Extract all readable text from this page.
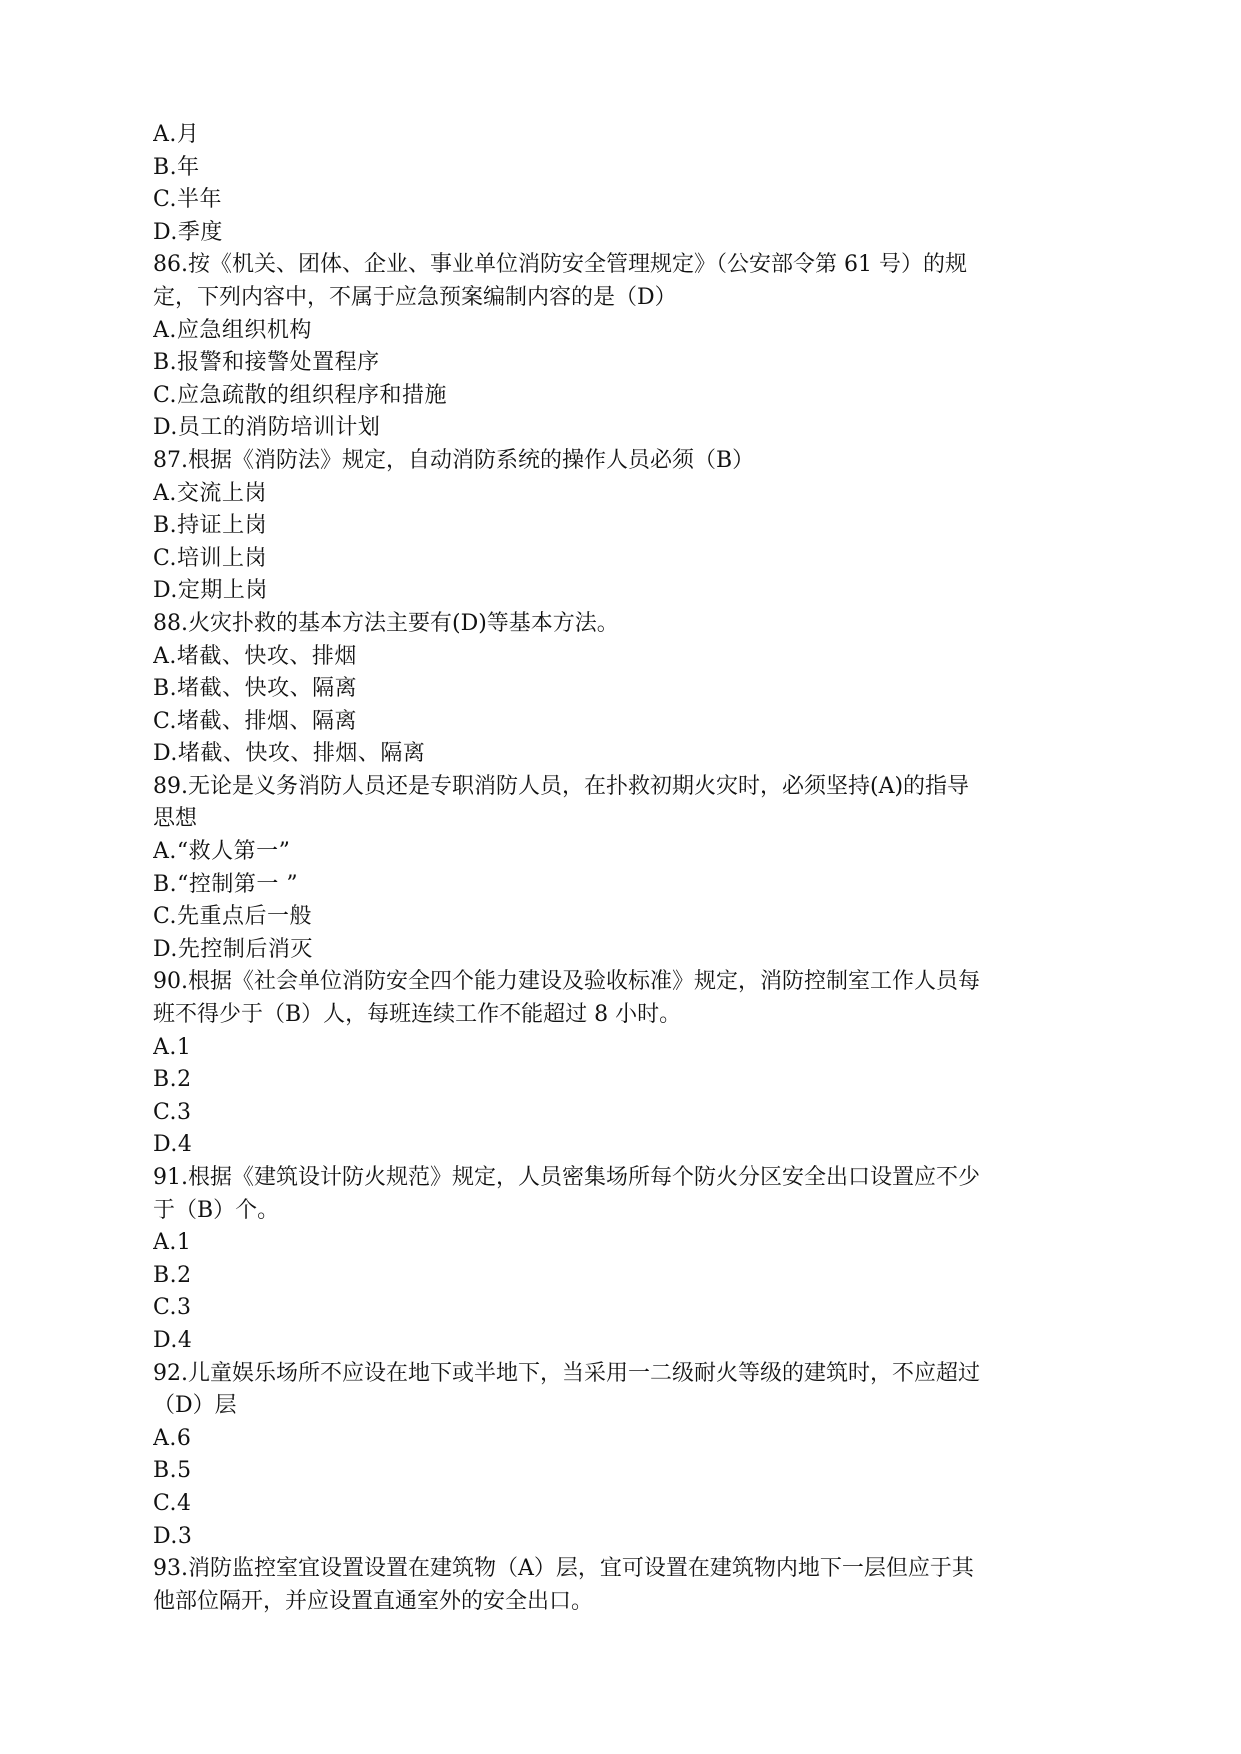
A.月

B.年

C.半年

D.季度

86.按《机关、团体、企业、事业单位消防安全管理规定》（公安部令第 61 号）的规

定，下列内容中，不属于应急预案编制内容的是（D）

A.应急组织机构

B.报警和接警处置程序

C.应急疏散的组织程序和措施

D.员工的消防培训计划

87.根据《消防法》规定，自动消防系统的操作人员必须（B）

A.交流上岗

B.持证上岗

C.培训上岗

D.定期上岗

88.火灾扑救的基本方法主要有(D)等基本方法。

A.堵截、快攻、排烟

B.堵截、快攻、隔离

C.堵截、排烟、隔离

D.堵截、快攻、排烟、隔离

89.无论是义务消防人员还是专职消防人员，在扑救初期火灾时，必须坚持(A)的指导

思想

A.“救人第一”

B.“控制第一 ”

C.先重点后一般

D.先控制后消灭

90.根据《社会单位消防安全四个能力建设及验收标准》规定，消防控制室工作人员每

班不得少于（B）人，每班连续工作不能超过 8 小时。

A.1

B.2

C.3

D.4

91.根据《建筑设计防火规范》规定，人员密集场所每个防火分区安全出口设置应不少

于（B）个。

A.1

B.2

C.3

D.4

92.儿童娱乐场所不应设在地下或半地下，当采用一二级耐火等级的建筑时，不应超过

（D）层

A.6

B.5

C.4

D.3

93.消防监控室宜设置设置在建筑物（A）层，宜可设置在建筑物内地下一层但应于其

他部位隔开，并应设置直通室外的安全出口。
